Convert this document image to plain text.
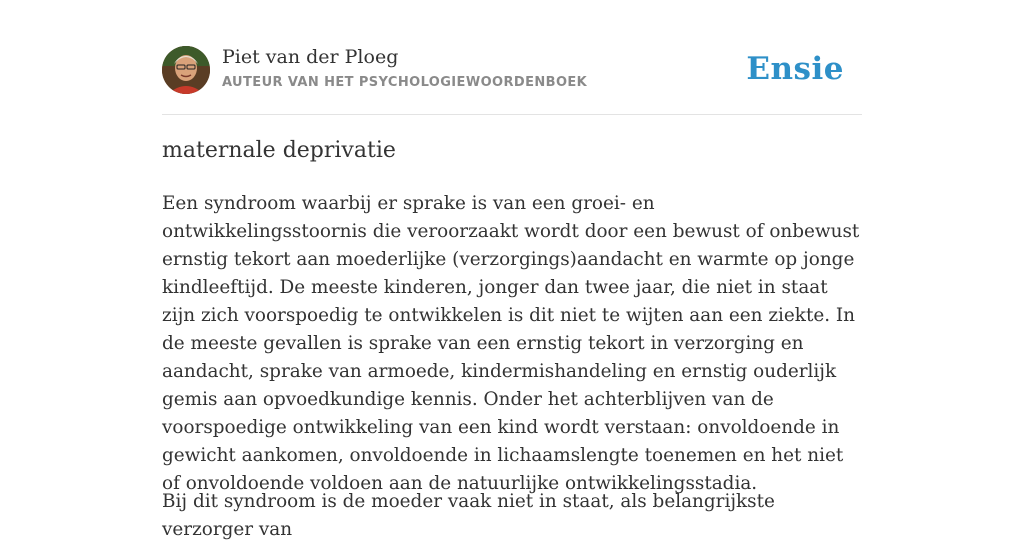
Piet van der Ploeg
AUTEUR VAN HET PSYCHOLOGIEWOORDENBOEK	Ensie
maternale deprivatie

Een syndroom waarbij er sprake is van een groei- en ontwikkelingsstoornis die veroorzaakt wordt door een bewust of onbewust ernstig tekort aan moederlijke (verzorgings)aandacht en warmte op jonge kindleeftijd. De meeste kinderen, jonger dan twee jaar, die niet in staat zijn zich voorspoedig te ontwikkelen is dit niet te wijten aan een ziekte. In de meeste gevallen is sprake van een ernstig tekort in verzorging en aandacht, sprake van armoede, kindermishandeling en ernstig ouderlijk gemis aan opvoedkundige kennis. Onder het achterblijven van de voorspoedige ontwikkeling van een kind wordt verstaan: onvoldoende in gewicht aankomen, onvoldoende in lichaamslengte toenemen en het niet of onvoldoende voldoen aan de natuurlijke ontwikkelingsstadia.

Bij dit syndroom is de moeder vaak niet in staat, als belangrijkste verzorger van
